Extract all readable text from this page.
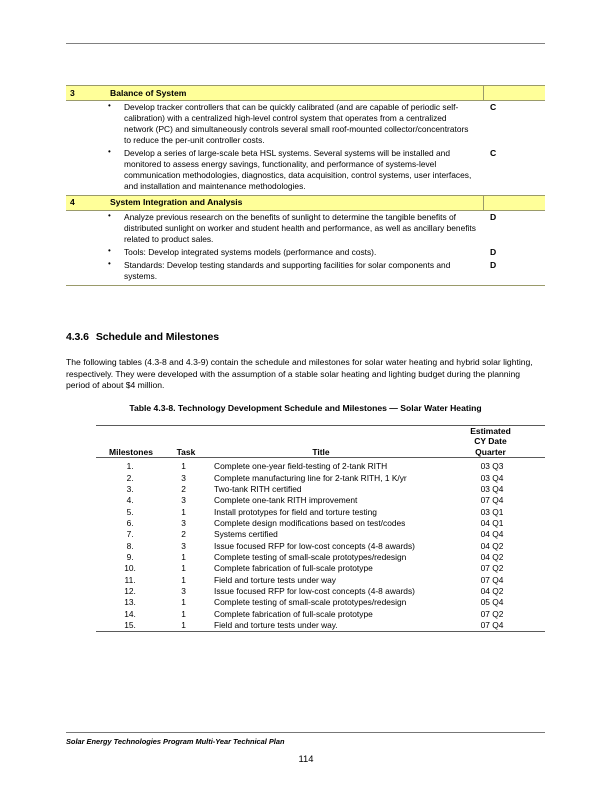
3	Balance of System	

• Develop tracker controllers that can be quickly calibrated (and are capable of periodic self-calibration) with a centralized high-level control system that operates from a centralized network (PC) and simultaneously controls several small roof-mounted collector/concentrators to reduce the per-unit controller costs.		C

• Develop a series of large-scale beta HSL systems. Several systems will be installed and monitored to assess energy savings, functionality, and performance of systems-level communication methodologies, diagnostics, data acquisition, control systems, user interfaces, and installation and maintenance methodologies.		C
4	System Integration and Analysis	

• Analyze previous research on the benefits of sunlight to determine the tangible benefits of distributed sunlight on worker and student health and performance, as well as ancillary benefits related to product sales.		D

• Tools: Develop integrated systems models (performance and costs).		D

• Standards: Develop testing standards and supporting facilities for solar components and systems.		D
4.3.6 Schedule and Milestones
The following tables (4.3-8 and 4.3-9) contain the schedule and milestones for solar water heating and hybrid solar lighting, respectively. They were developed with the assumption of a stable solar heating and lighting budget during the planning period of about $4 million.
Table 4.3-8. Technology Development Schedule and Milestones — Solar Water Heating
Milestones	Task	Title	
Estimated
CY Date
Quarter
1.	1	Complete one-year field-testing of 2-tank RITH	03 Q3
2.	3	Complete manufacturing line for 2-tank RITH, 1 K/yr	03 Q4
3.	2	Two-tank RITH certified	03 Q4
4.	3	Complete one-tank RITH improvement	07 Q4
5.	1	Install prototypes for field and torture testing	03 Q1
6.	3	Complete design modifications based on test/codes	04 Q1
7.	2	Systems certified	04 Q4
8.	3	Issue focused RFP for low-cost concepts (4-8 awards)	04 Q2
9.	1	Complete testing of small-scale prototypes/redesign	04 Q2
10.	1	Complete fabrication of full-scale prototype	07 Q2
11.	1	Field and torture tests under way	07 Q4
12.	3	Issue focused RFP for low-cost concepts (4-8 awards)	04 Q2
13.	1	Complete testing of small-scale prototypes/redesign	05 Q4
14.	1	Complete fabrication of full-scale prototype	07 Q2
15.	1	Field and torture tests under way.	07 Q4
Solar Energy Technologies Program Multi-Year Technical Plan
114
